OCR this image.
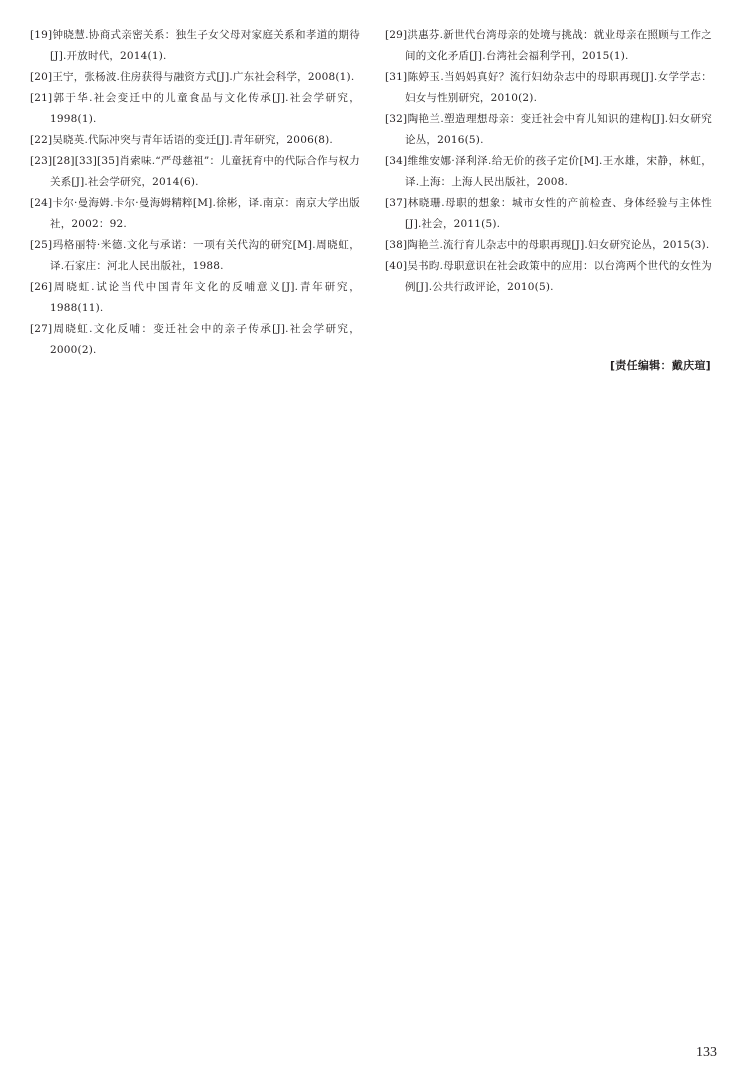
[19]钟晓慧.协商式亲密关系：独生子女父母对家庭关系和孝道的期待[J].开放时代，2014(1).
[20]王宁，张杨波.住房获得与融资方式[J].广东社会科学，2008(1).
[21]郭于华.社会变迁中的儿童食品与文化传承[J].社会学研究，1998(1).
[22]吴晓英.代际冲突与青年话语的变迁[J].青年研究，2006(8).
[23][28][33][35]肖索味.“严母慈祖”：儿童抚育中的代际合作与权力关系[J].社会学研究，2014(6).
[24]卡尔·曼海姆.卡尔·曼海姆精粹[M].徐彬，译.南京：南京大学出版社，2002：92.
[25]玛格丽特·米德.文化与承诺：一项有关代沟的研究[M].周晓虹，译.石家庄：河北人民出版社，1988.
[26]周晓虹.试论当代中国青年文化的反哺意义[J].青年研究，1988(11).
[27]周晓虹.文化反哺：变迁社会中的亲子传承[J].社会学研究，2000(2).
[29]洪惠芬.新世代台湾母亲的处境与挑战：就业母亲在照顾与工作之间的文化矛盾[J].台湾社会福利学刊，2015(1).
[31]陈婷玉.当妈妈真好？流行妇幼杂志中的母职再现[J].女学学志：妇女与性别研究，2010(2).
[32]陶艳兰.塑造理想母亲：变迁社会中育儿知识的建构[J].妇女研究论丛，2016(5).
[34]维维安娜·泽利泽.给无价的孩子定价[M].王水雄，宋静，林虹，译.上海：上海人民出版社，2008.
[37]林晓珊.母职的想象：城市女性的产前检查、身体经验与主体性[J].社会，2011(5).
[38]陶艳兰.流行育儿杂志中的母职再现[J].妇女研究论丛，2015(3).
[40]吴书昀.母职意识在社会政策中的应用：以台湾两个世代的女性为例[J].公共行政评论，2010(5).
[责任编辑：戴庆瑄]
133
